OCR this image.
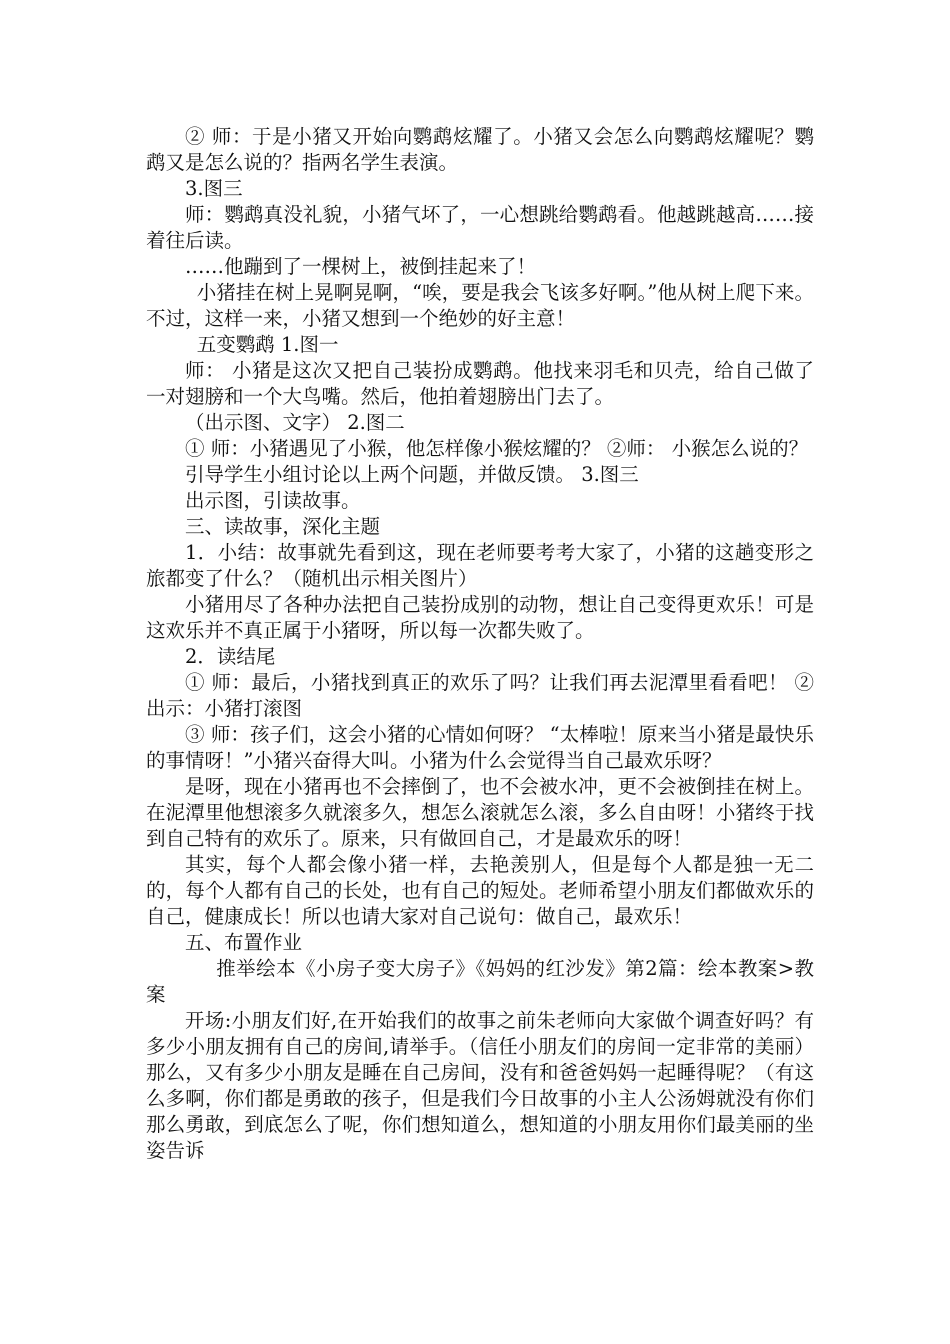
② 师：于是小猪又开始向鹦鹉炫耀了。小猪又会怎么向鹦鹉炫耀呢？鹦鹉又是怎么说的？指两名学生表演。

3.图三

师：鹦鹉真没礼貌，小猪气坏了，一心想跳给鹦鹉看。他越跳越高……接着往后读。

……他蹦到了一棵树上，被倒挂起来了！

小猪挂在树上晃啊晃啊，“唉，要是我会飞该多好啊。”他从树上爬下来。不过，这样一来，小猪又想到一个绝妙的好主意！

五变鹦鹉 1.图一

师： 小猪是这次又把自己装扮成鹦鹉。他找来羽毛和贝壳，给自己做了一对翅膀和一个大鸟嘴。然后，他拍着翅膀出门去了。

（出示图、文字） 2.图二

① 师：小猪遇见了小猴，他怎样像小猴炫耀的？ ②师： 小猴怎么说的？

引导学生小组讨论以上两个问题，并做反馈。 3.图三

出示图，引读故事。

三、读故事，深化主题

1．小结：故事就先看到这，现在老师要考考大家了，小猪的这趟变形之旅都变了什么？（随机出示相关图片）

小猪用尽了各种办法把自己装扮成别的动物，想让自己变得更欢乐！可是这欢乐并不真正属于小猪呀，所以每一次都失败了。

2．读结尾

① 师：最后，小猪找到真正的欢乐了吗？让我们再去泥潭里看看吧！ ②出示：小猪打滚图

③ 师：孩子们，这会小猪的心情如何呀？ “太棒啦！原来当小猪是最快乐的事情呀！”小猪兴奋得大叫。小猪为什么会觉得当自己最欢乐呀？

是呀，现在小猪再也不会摔倒了，也不会被水冲，更不会被倒挂在树上。在泥潭里他想滚多久就滚多久，想怎么滚就怎么滚，多么自由呀！小猪终于找到自己特有的欢乐了。原来，只有做回自己，才是最欢乐的呀！

其实，每个人都会像小猪一样，去艳羡别人，但是每个人都是独一无二的，每个人都有自己的长处，也有自己的短处。老师希望小朋友们都做欢乐的自己，健康成长！所以也请大家对自己说句：做自己，最欢乐！

五、布置作业

推举绘本《小房子变大房子》《妈妈的红沙发》第2篇：绘本教案>教案

开场:小朋友们好,在开始我们的故事之前朱老师向大家做个调查好吗？有多少小朋友拥有自己的房间,请举手。（信任小朋友们的房间一定非常的美丽）那么，又有多少小朋友是睡在自己房间，没有和爸爸妈妈一起睡得呢？（有这么多啊，你们都是勇敢的孩子，但是我们今日故事的小主人公汤姆就没有你们那么勇敢，到底怎么了呢，你们想知道么，想知道的小朋友用你们最美丽的坐姿告诉
